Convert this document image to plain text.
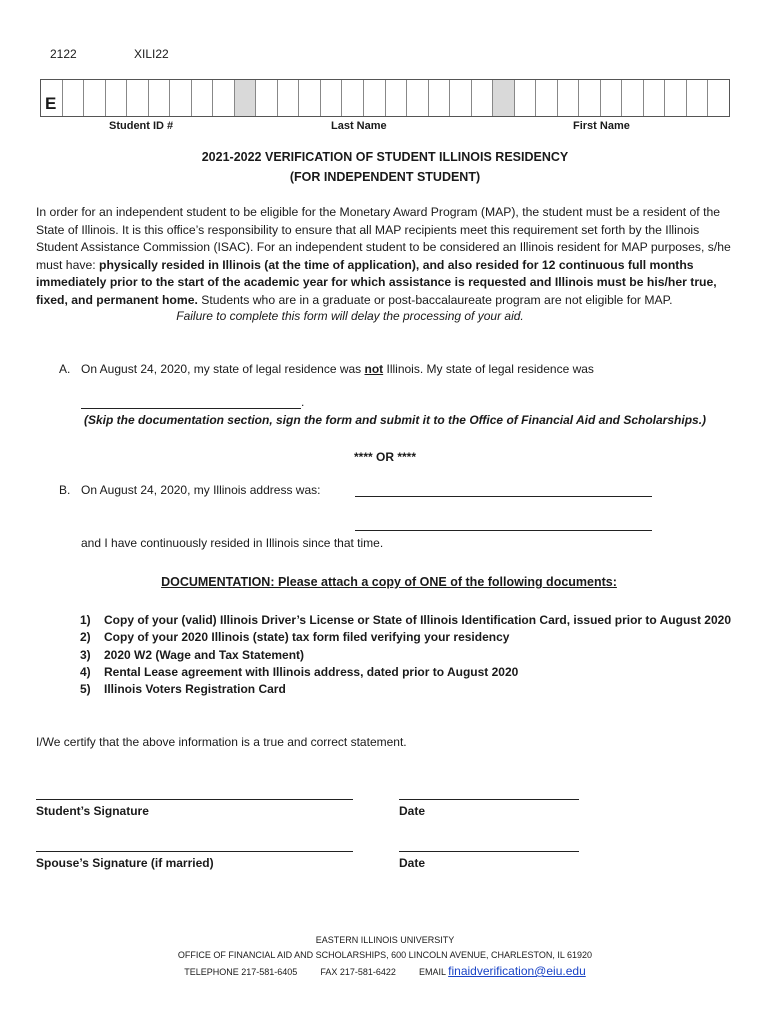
2122	XILI22
E
Student ID #	Last Name	First Name
2021-2022 VERIFICATION OF STUDENT ILLINOIS RESIDENCY
(FOR INDEPENDENT STUDENT)
In order for an independent student to be eligible for the Monetary Award Program (MAP), the student must be a resident of the State of Illinois. It is this office’s responsibility to ensure that all MAP recipients meet this requirement set forth by the Illinois Student Assistance Commission (ISAC). For an independent student to be considered an Illinois resident for MAP purposes, s/he must have: physically resided in Illinois (at the time of application), and also resided for 12 continuous full months immediately prior to the start of the academic year for which assistance is requested and Illinois must be his/her true, fixed, and permanent home. Students who are in a graduate or post-baccalaureate program are not eligible for MAP.
Failure to complete this form will delay the processing of your aid.
A. On August 24, 2020, my state of legal residence was not Illinois. My state of legal residence was
.
(Skip the documentation section, sign the form and submit it to the Office of Financial Aid and Scholarships.)
**** OR ****
B. On August 24, 2020, my Illinois address was:
and I have continuously resided in Illinois since that time.
DOCUMENTATION: Please attach a copy of ONE of the following documents:
1) Copy of your (valid) Illinois Driver’s License or State of Illinois Identification Card, issued prior to August 2020
2) Copy of your 2020 Illinois (state) tax form filed verifying your residency
3) 2020 W2 (Wage and Tax Statement)
4) Rental Lease agreement with Illinois address, dated prior to August 2020
5) Illinois Voters Registration Card
I/We certify that the above information is a true and correct statement.
Student’s Signature	Date
Spouse’s Signature (if married)	Date
EASTERN ILLINOIS UNIVERSITY
OFFICE OF FINANCIAL AID AND SCHOLARSHIPS, 600 LINCOLN AVENUE, CHARLESTON, IL 61920
TELEPHONE 217-581-6405	FAX 217-581-6422	EMAIL finaidverification@eiu.edu
